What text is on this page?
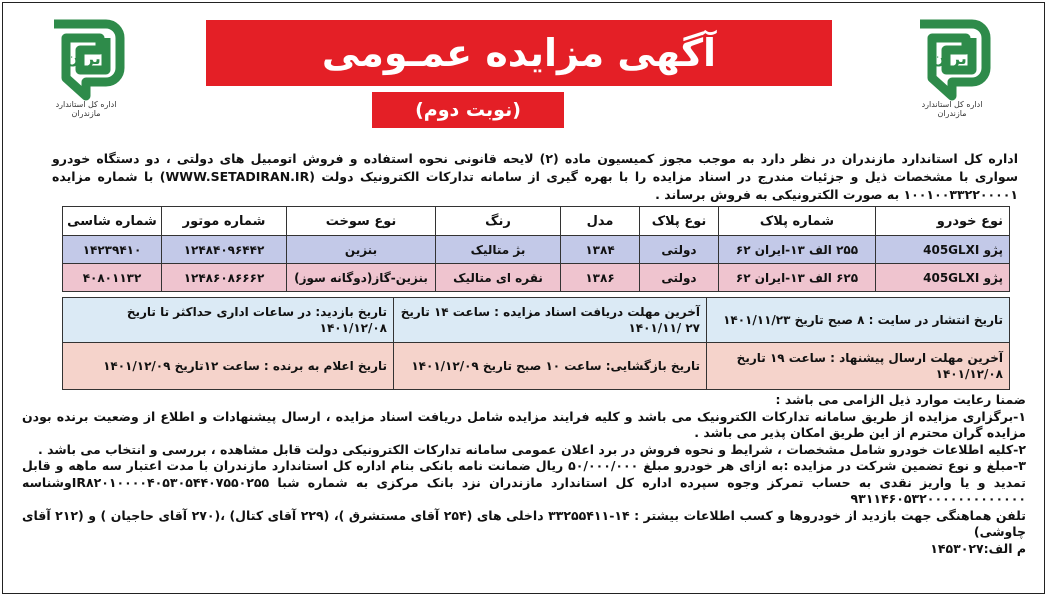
ایران
اداره کل استاندارد مازندران
ایران
اداره کل استاندارد مازندران
آگهی مزایده عمـومی
(نوبت دوم)
اداره کل استاندارد مازندران در نظر دارد به موجب مجوز کمیسیون ماده (۲) لایحه قانونی نحوه استفاده و فروش اتومبیل های دولتی ، دو دستگاه خودرو سواری با مشخصات ذیل و جزئیات مندرج در اسناد مزایده را با بهره گیری از سامانه تدارکات الکترونیک دولت (WWW.SETADIRAN.IR) با شماره مزایده ۱۰۰۱۰۰۳۳۲۲۰۰۰۰۱ به صورت الکترونیکی به فروش برساند .
نوع خودرو	شماره پلاک	نوع پلاک	مدل	رنگ	نوع سوخت	شماره موتور	شماره شاسی
پژو 405GLXI	۲۵۵ الف ۱۳-ایران ۶۲	دولتی	۱۳۸۴	بژ متالیک	بنزین	۱۲۴۸۴۰۹۶۴۴۲	۱۴۲۳۹۴۱۰
پژو 405GLXI	۶۲۵ الف ۱۳-ایران ۶۲	دولتی	۱۳۸۶	نقره ای متالیک	بنزین-گاز(دوگانه سوز)	۱۲۴۸۶۰۸۶۶۶۲	۴۰۸۰۱۱۳۲
تاریخ انتشار در سایت : ۸ صبح تاریخ ۱۴۰۱/۱۱/۲۳	آخرین مهلت دریافت اسناد مزایده : ساعت ۱۴ تاریخ ۲۷ /۱۴۰۱/۱۱	تاریخ بازدید: در ساعات اداری حداکثر تا تاریخ ۱۴۰۱/۱۲/۰۸
آخرین مهلت ارسال پیشنهاد : ساعت ۱۹ تاریخ ۱۴۰۱/۱۲/۰۸	تاریخ بازگشایی: ساعت ۱۰ صبح تاریخ ۱۴۰۱/۱۲/۰۹	تاریخ اعلام به برنده : ساعت ۱۲تاریخ ۱۴۰۱/۱۲/۰۹

ضمنا رعایت موارد ذیل الزامی می باشد :

۱-برگزاری مزایده از طریق سامانه تدارکات الکترونیک می باشد و کلیه فرایند مزایده شامل دریافت اسناد مزایده ، ارسال پیشنهادات و اطلاع از وضعیت برنده بودن مزایده گران محترم از این طریق امکان پذیر می باشد .

۲-کلیه اطلاعات خودرو شامل مشخصات ، شرایط و نحوه فروش در برد اعلان عمومی سامانه تدارکات الکترونیکی دولت قابل مشاهده ، بررسی و انتخاب می باشد .

۳-مبلغ و نوع تضمین شرکت در مزایده :به ازای هر خودرو مبلغ ۵۰/۰۰۰/۰۰۰ ریال ضمانت نامه بانکی بنام اداره کل استاندارد مازندران با مدت اعتبار سه ماهه و قابل تمدید و یا واریز نقدی به حساب تمرکز وجوه سپرده اداره کل استاندارد مازندران نزد بانک مرکزی به شماره شبا IR۸۲۰۱۰۰۰۰۴۰۵۳۰۵۴۴۰۷۵۵۰۲۵۵وشناسه ۹۳۱۱۴۶۰۵۳۲۰۰۰۰۰۰۰۰۰۰۰۰۰

تلفن هماهنگی جهت بازدید از خودروها و کسب اطلاعات بیشتر : ۱۴-۳۳۲۵۵۴۱۱ داخلی های (۲۵۴ آقای مستشرق )، (۲۲۹ آقای کتال) ،(۲۷۰ آقای حاجیان ) و (۲۱۲ آقای چاوشی)

م الف:۱۴۵۳۰۲۷
